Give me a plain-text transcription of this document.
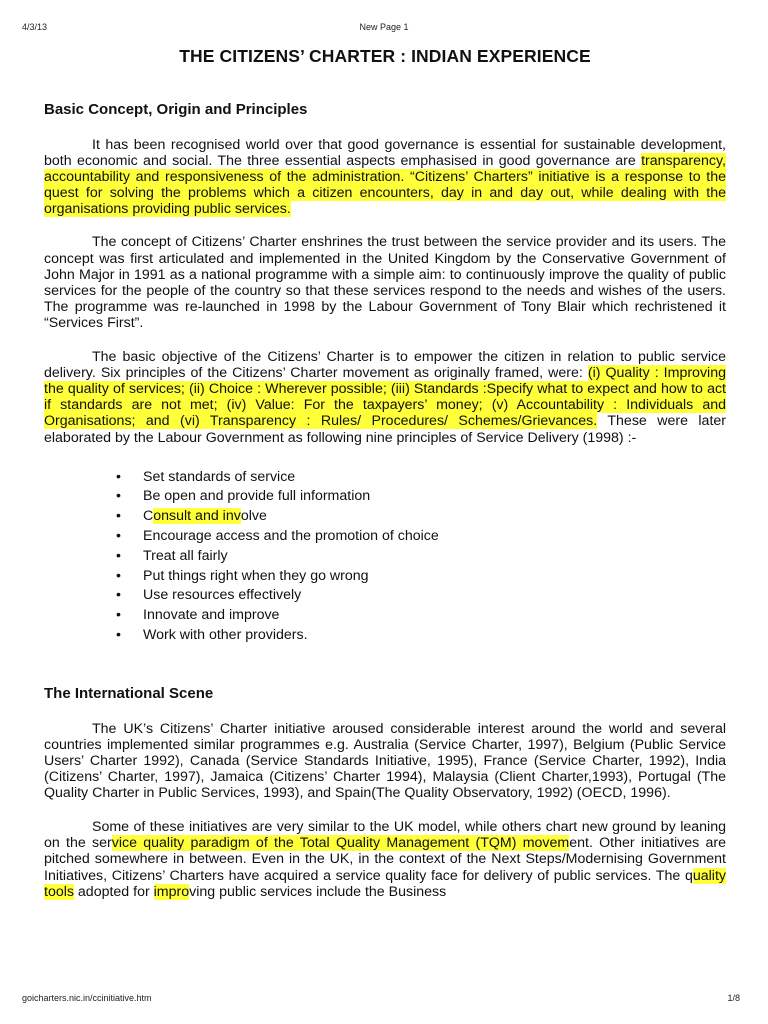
4/3/13	New Page 1
THE CITIZENS’ CHARTER : INDIAN EXPERIENCE
Basic Concept, Origin and Principles

It has been recognised world over that good governance is essential for sustainable development, both economic and social. The three essential aspects emphasised in good governance are transparency, accountability and responsiveness of the administration. “Citizens’ Charters” initiative is a response to the quest for solving the problems which a citizen encounters, day in and day out, while dealing with the organisations providing public services.

The concept of Citizens’ Charter enshrines the trust between the service provider and its users. The concept was first articulated and implemented in the United Kingdom by the Conservative Government of John Major in 1991 as a national programme with a simple aim: to continuously improve the quality of public services for the people of the country so that these services respond to the needs and wishes of the users. The programme was re-launched in 1998 by the Labour Government of Tony Blair which rechristened it “Services First”.

The basic objective of the Citizens’ Charter is to empower the citizen in relation to public service delivery. Six principles of the Citizens’ Charter movement as originally framed, were: (i) Quality : Improving the quality of services; (ii) Choice : Wherever possible; (iii) Standards :Specify what to expect and how to act if standards are not met; (iv) Value: For the taxpayers’ money; (v) Accountability : Individuals and Organisations; and (vi) Transparency : Rules/ Procedures/ Schemes/Grievances. These were later elaborated by the Labour Government as following nine principles of Service Delivery (1998) :-

• Set standards of service
• Be open and provide full information
• Consult and involve
• Encourage access and the promotion of choice
• Treat all fairly
• Put things right when they go wrong
• Use resources effectively
• Innovate and improve
• Work with other providers.
The International Scene

The UK’s Citizens’ Charter initiative aroused considerable interest around the world and several countries implemented similar programmes e.g. Australia (Service Charter, 1997), Belgium (Public Service Users’ Charter 1992), Canada (Service Standards Initiative, 1995), France (Service Charter, 1992), India (Citizens’ Charter, 1997), Jamaica (Citizens’ Charter 1994), Malaysia (Client Charter,1993), Portugal (The Quality Charter in Public Services, 1993), and Spain(The Quality Observatory, 1992) (OECD, 1996).

Some of these initiatives are very similar to the UK model, while others chart new ground by leaning on the service quality paradigm of the Total Quality Management (TQM) movement. Other initiatives are pitched somewhere in between. Even in the UK, in the context of the Next Steps/Modernising Government Initiatives, Citizens’ Charters have acquired a service quality face for delivery of public services. The quality tools adopted for improving public services include the Business

goicharters.nic.in/ccinitiative.htm	1/8
